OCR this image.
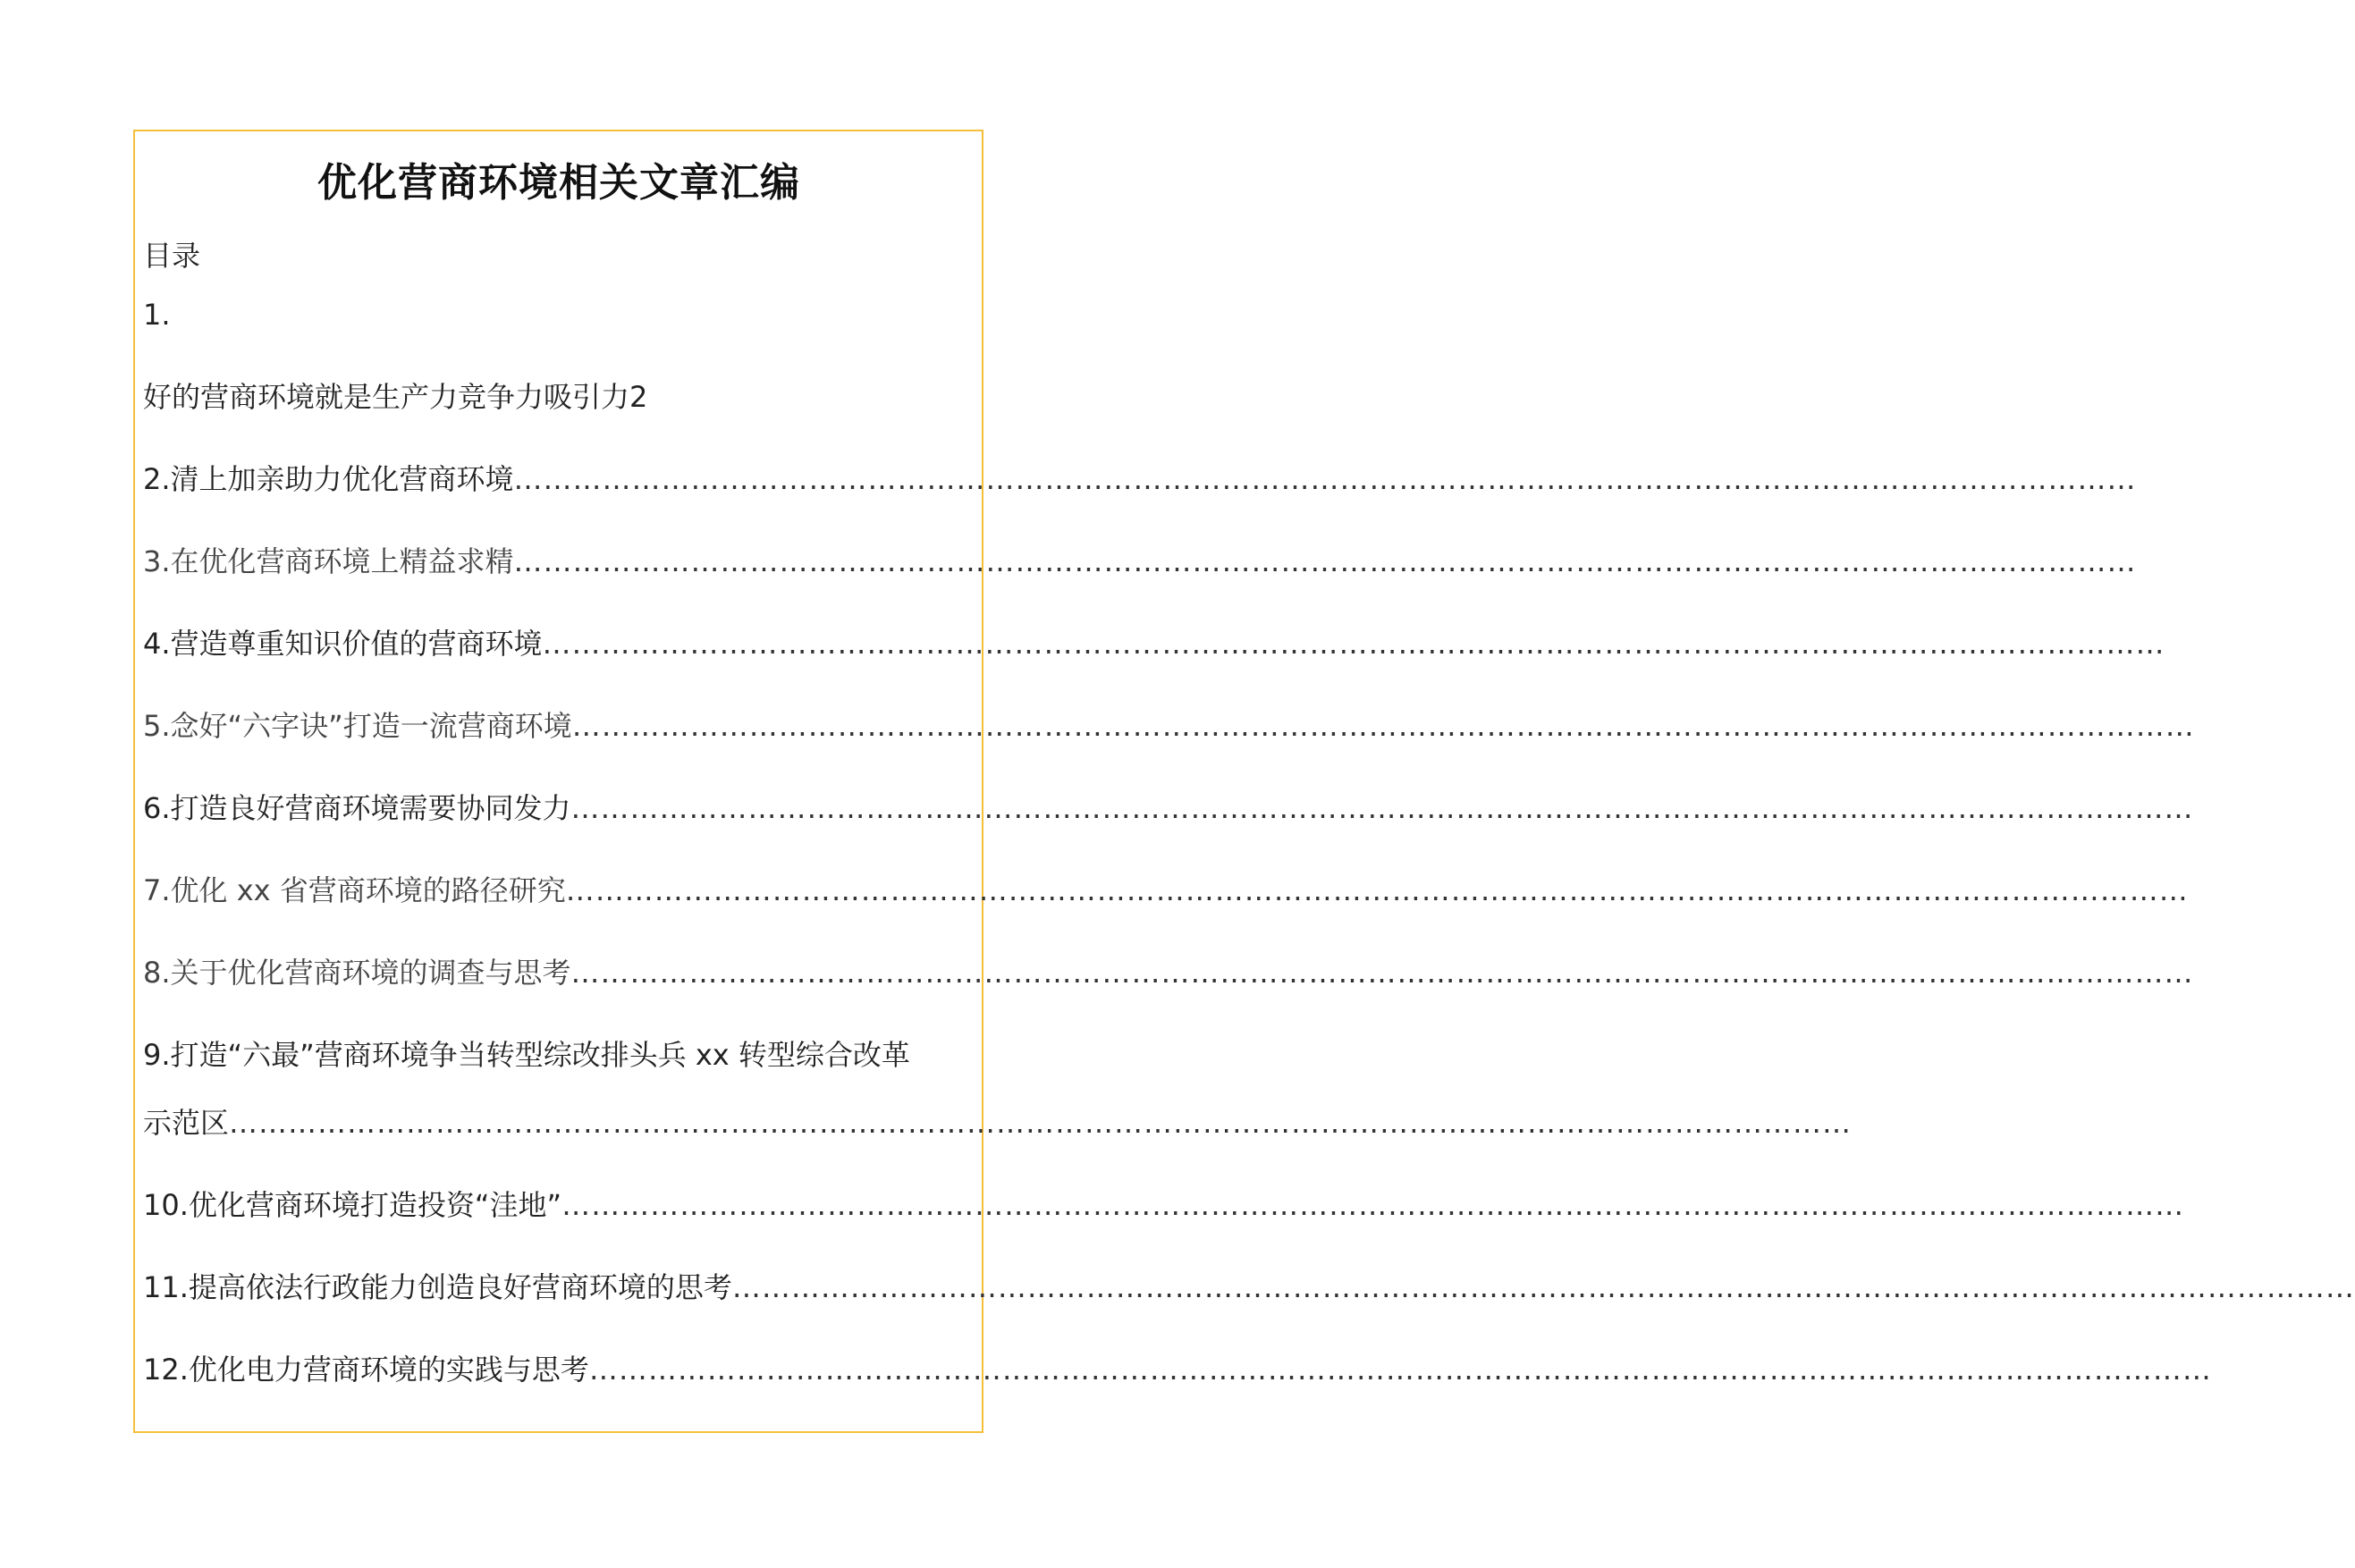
优化营商环境相关文章汇编
目录
1.
好的营商环境就是生产力竞争力吸引力2
2.清上加亲助力优化营商环境…………………………………………………………………………………………………………………………………………………
3.在优化营商环境上精益求精…………………………………………………………………………………………………………………………………………………
4.营造尊重知识价值的营商环境…………………………………………………………………………………………………………………………………………………
5.念好“六字诀”打造一流营商环境…………………………………………………………………………………………………………………………………………………
6.打造良好营商环境需要协同发力…………………………………………………………………………………………………………………………………………………
7.优化 xx 省营商环境的路径研究…………………………………………………………………………………………………………………………………………………
8.关于优化营商环境的调查与思考…………………………………………………………………………………………………………………………………………………
9.打造“六最”营商环境争当转型综改排头兵 xx 转型综合改革
示范区…………………………………………………………………………………………………………………………………………………
10.优化营商环境打造投资“洼地”…………………………………………………………………………………………………………………………………………………
11.提高依法行政能力创造良好营商环境的思考…………………………………………………………………………………………………………………………………………………
12.优化电力营商环境的实践与思考…………………………………………………………………………………………………………………………………………………
